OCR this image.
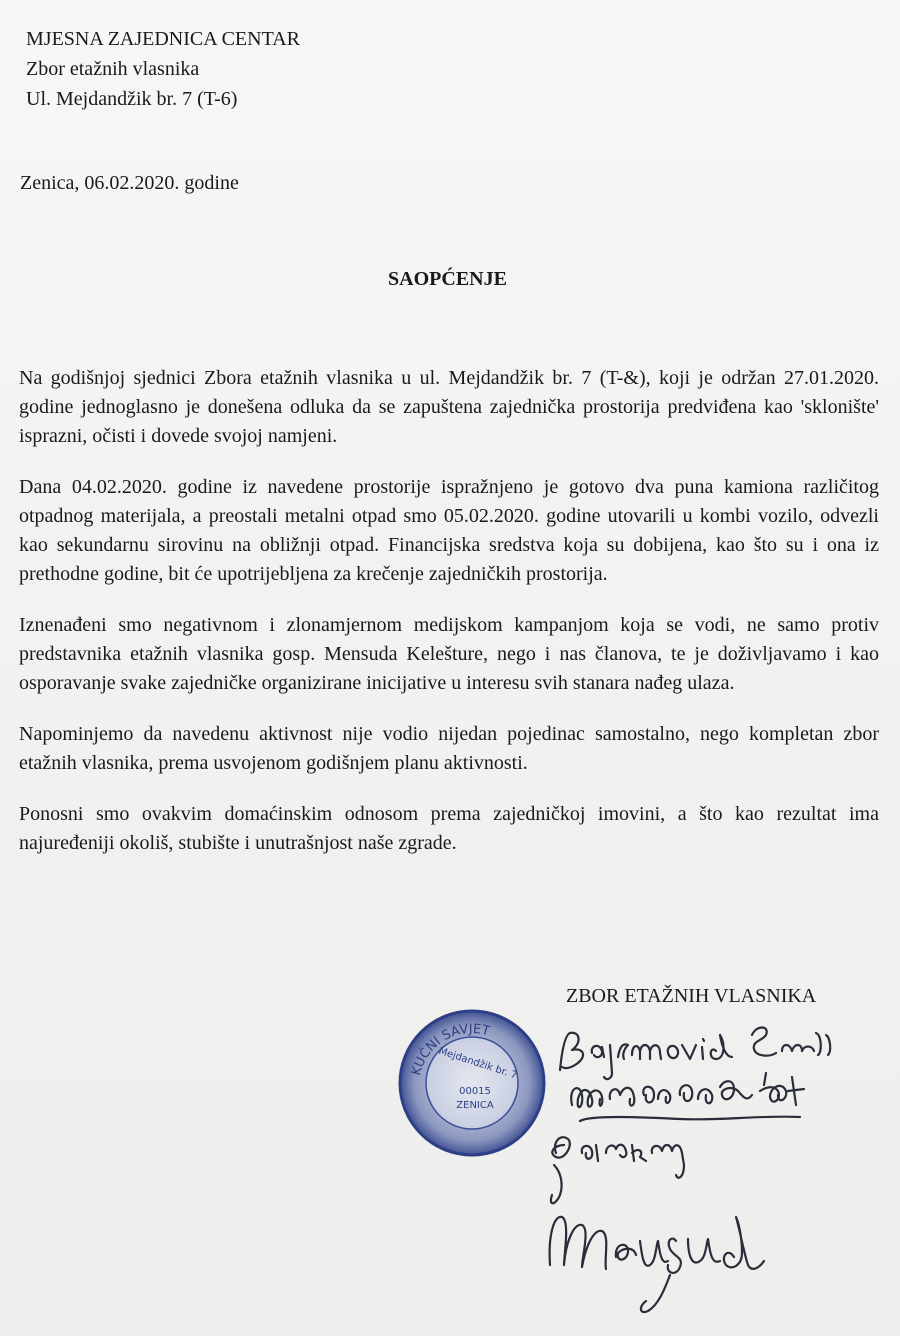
MJESNA ZAJEDNICA CENTAR
Zbor etažnih vlasnika
Ul. Mejdandžik br. 7 (T-6)
Zenica, 06.02.2020. godine
SAOPĆENJE

Na godišnjoj sjednici Zbora etažnih vlasnika u ul. Mejdandžik br. 7 (T-&), koji je održan 27.01.2020. godine jednoglasno je donešena odluka da se zapuštena zajednička prostorija predviđena kao 'sklonište' isprazni, očisti i dovede svojoj namjeni.

Dana 04.02.2020. godine iz navedene prostorije ispražnjeno je gotovo dva puna kamiona različitog otpadnog materijala, a preostali metalni otpad smo 05.02.2020. godine utovarili u kombi vozilo, odvezli kao sekundarnu sirovinu na obližnji otpad. Financijska sredstva koja su dobijena, kao što su i ona iz prethodne godine, bit će upotrijebljena za krečenje zajedničkih prostorija.

Iznenađeni smo negativnom i zlonamjernom medijskom kampanjom koja se vodi, ne samo protiv predstavnika etažnih vlasnika gosp. Mensuda Kelešture, nego i nas članova, te je doživljavamo i kao osporavanje svake zajedničke organizirane inicijative u interesu svih stanara nađeg ulaza.

Napominjemo da navedenu aktivnost nije vodio nijedan pojedinac samostalno, nego kompletan zbor etažnih vlasnika, prema usvojenom godišnjem planu aktivnosti.

Ponosni smo ovakvim domaćinskim odnosom prema zajedničkoj imovini, a što kao rezultat ima najuređeniji okoliš, stubište i unutrašnjost naše zgrade.

ZBOR ETAŽNIH VLASNIKA
KUĆNI SAVJET
Mejdandžik br. 7
00015
ZENICA
